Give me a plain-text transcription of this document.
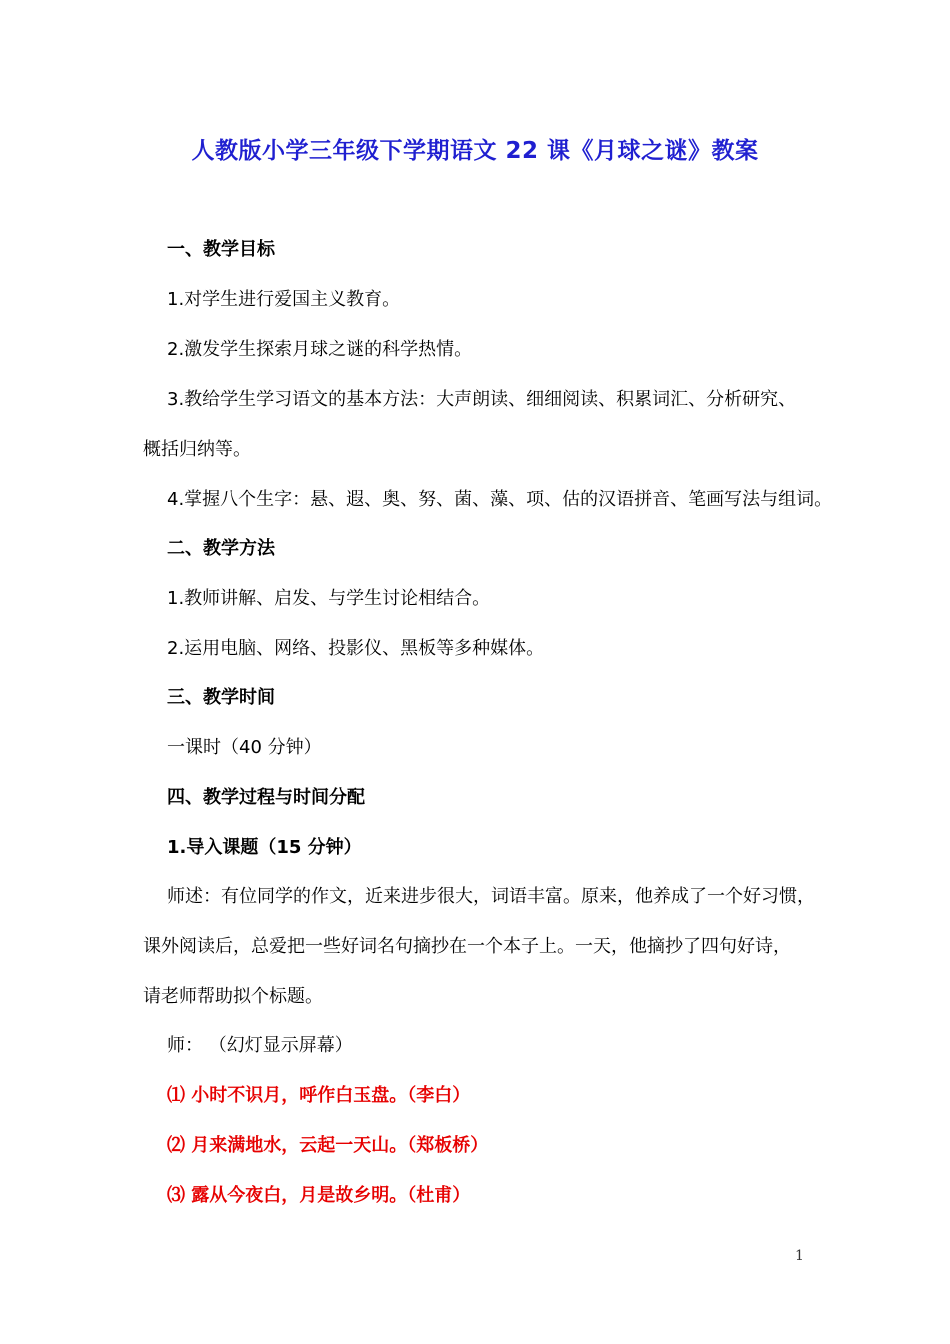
人教版小学三年级下学期语文 22 课《月球之谜》教案
一、教学目标
1.对学生进行爱国主义教育。
2.激发学生探索月球之谜的科学热情。
3.教给学生学习语文的基本方法：大声朗读、细细阅读、积累词汇、分析研究、
概括归纳等。
4.掌握八个生字：悬、遐、奥、努、菌、藻、项、估的汉语拼音、笔画写法与组词。
二、教学方法
1.教师讲解、启发、与学生讨论相结合。
2.运用电脑、网络、投影仪、黑板等多种媒体。
三、教学时间
一课时（40 分钟）
四、教学过程与时间分配
1.导入课题（15 分钟）
师述：有位同学的作文，近来进步很大，词语丰富。原来，他养成了一个好习惯，
课外阅读后，总爱把一些好词名句摘抄在一个本子上。一天，他摘抄了四句好诗，
请老师帮助拟个标题。
师： （幻灯显示屏幕）
⑴ 小时不识月，呼作白玉盘。（李白）
⑵ 月来满地水，云起一天山。（郑板桥）
⑶ 露从今夜白，月是故乡明。（杜甫）
1
